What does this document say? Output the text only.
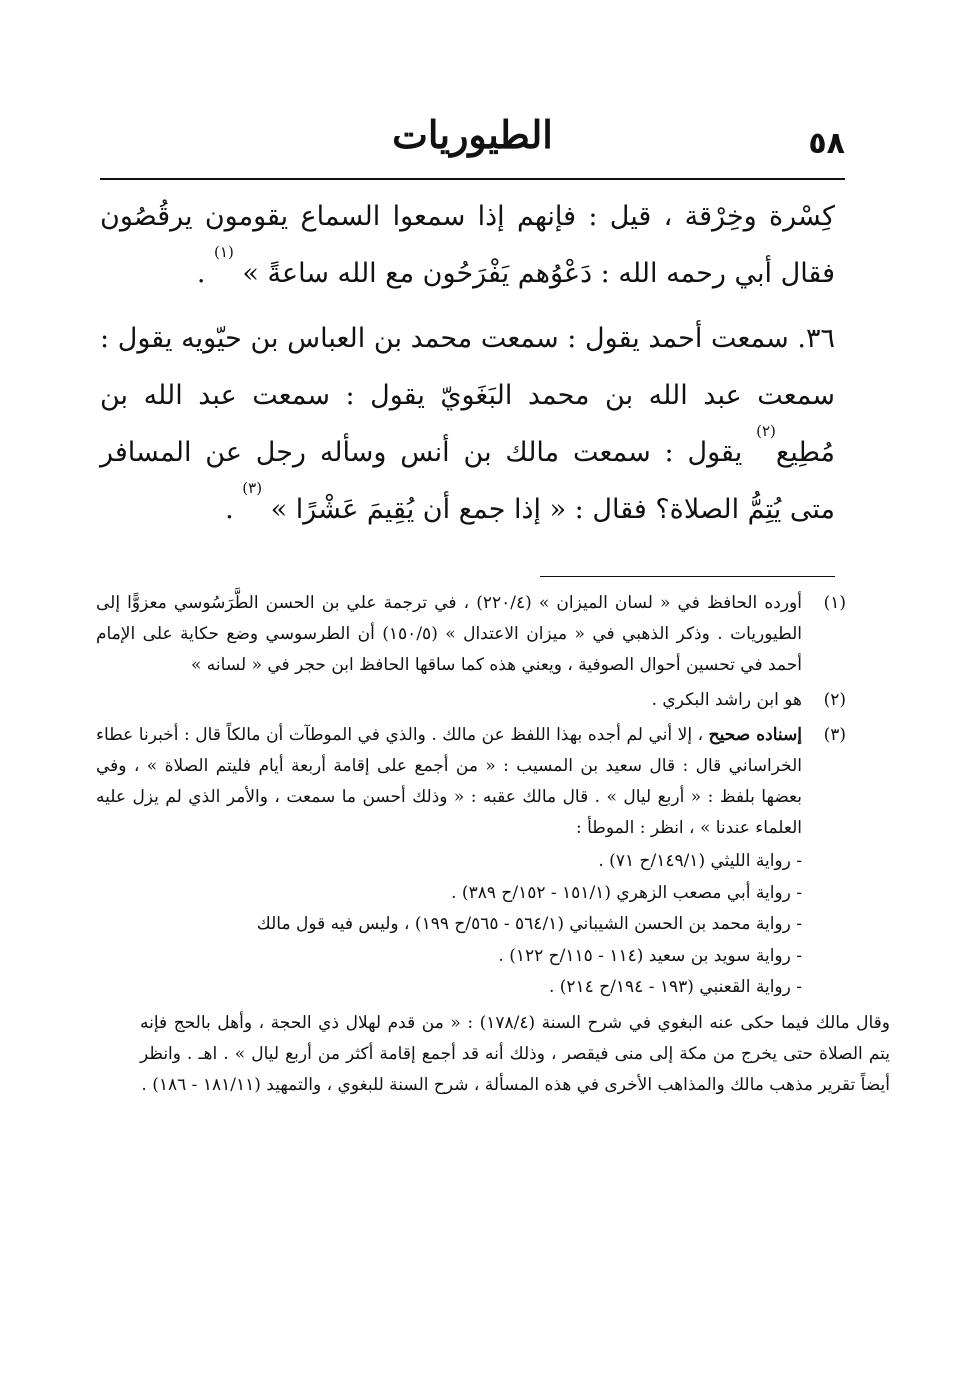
٥٨
الطيوريات

كِسْرة وخِرْقة ، قيل : فإنهم إذا سمعوا السماع يقومون يرقُصُون فقال أبي رحمه الله : دَعْوُهم يَفْرَحُون مع الله ساعةً » $^{(١)}$ .

٣٦. سمعت أحمد يقول : سمعت محمد بن العباس بن حيّويه يقول : سمعت عبد الله بن محمد البَغَويّ يقول : سمعت عبد الله بن مُطِيع$^{(٢)}$ يقول : سمعت مالك بن أنس وسأله رجل عن المسافر متى يُتِمُّ الصلاة؟ فقال : « إذا جمع أن يُقِيمَ عَشْرًا » $^{(٣)}$ .

(١)
أورده الحافظ في « لسان الميزان » (٢٢٠/٤) ، في ترجمة علي بن الحسن الطَّرَسُوسي معزوًّا إلى الطيوريات . وذكر الذهبي في « ميزان الاعتدال » (١٥٠/٥) أن الطرسوسي وضع حكاية على الإمام أحمد في تحسين أحوال الصوفية ، ويعني هذه كما ساقها الحافظ ابن حجر في « لسانه »
(٢)
هو ابن راشد البكري .
(٣)

إسناده صحيح ، إلا أني لم أجده بهذا اللفظ عن مالك . والذي في الموطآت أن مالكاً قال : أخبرنا عطاء الخراساني قال : قال سعيد بن المسيب : « من أجمع على إقامة أربعة أيام فليتم الصلاة » ، وفي بعضها بلفظ : « أربع ليال » . قال مالك عقبه : « وذلك أحسن ما سمعت ، والأمر الذي لم يزل عليه العلماء عندنا » ، انظر : الموطأ :

- رواية الليثي (١٤٩/١/ح ٧١) .
- رواية أبي مصعب الزهري (١٥١/١ - ١٥٢/ح ٣٨٩) .
- رواية محمد بن الحسن الشيباني (٥٦٤/١ - ٥٦٥/ح ١٩٩) ، وليس فيه قول مالك
- رواية سويد بن سعيد (١١٤ - ١١٥/ح ١٢٢) .
- رواية القعنبي (١٩٣ - ١٩٤/ح ٢١٤) .

وقال مالك فيما حكى عنه البغوي في شرح السنة (١٧٨/٤) : « من قدم لهلال ذي الحجة ، وأهل بالحج فإنه يتم الصلاة حتى يخرج من مكة إلى منى فيقصر ، وذلك أنه قد أجمع إقامة أكثر من أربع ليال » . اهـ . وانظر أيضاً تقرير مذهب مالك والمذاهب الأخرى في هذه المسألة ، شرح السنة للبغوي ، والتمهيد (١٨١/١١ - ١٨٦) .
